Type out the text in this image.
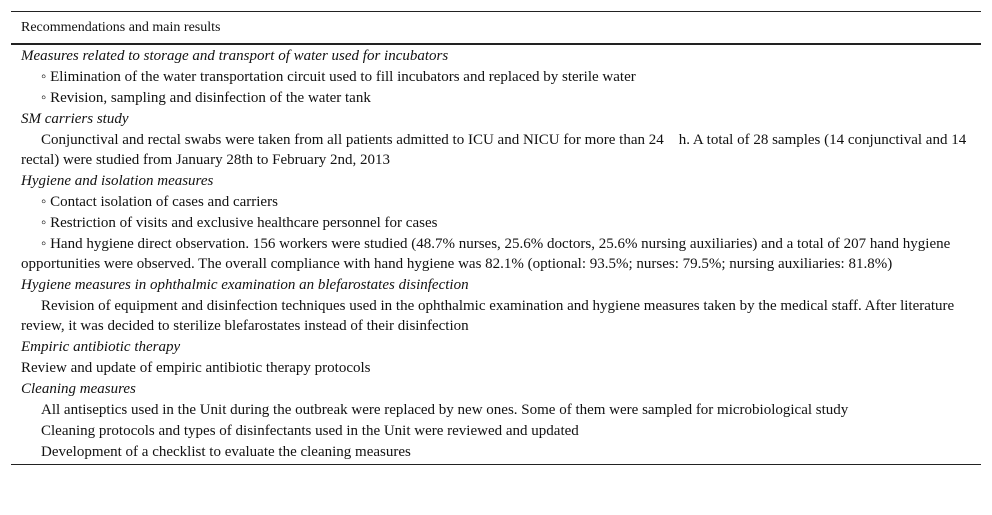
Recommendations and main results
Measures related to storage and transport of water used for incubators
◦ Elimination of the water transportation circuit used to fill incubators and replaced by sterile water
◦ Revision, sampling and disinfection of the water tank
SM carriers study
Conjunctival and rectal swabs were taken from all patients admitted to ICU and NICU for more than 24 h. A total of 28 samples (14 conjunctival and 14 rectal) were studied from January 28th to February 2nd, 2013
Hygiene and isolation measures
◦ Contact isolation of cases and carriers
◦ Restriction of visits and exclusive healthcare personnel for cases
◦ Hand hygiene direct observation. 156 workers were studied (48.7% nurses, 25.6% doctors, 25.6% nursing auxiliaries) and a total of 207 hand hygiene opportunities were observed. The overall compliance with hand hygiene was 82.1% (optional: 93.5%; nurses: 79.5%; nursing auxiliaries: 81.8%)
Hygiene measures in ophthalmic examination an blefarostates disinfection
Revision of equipment and disinfection techniques used in the ophthalmic examination and hygiene measures taken by the medical staff. After literature review, it was decided to sterilize blefarostates instead of their disinfection
Empiric antibiotic therapy
Review and update of empiric antibiotic therapy protocols
Cleaning measures
All antiseptics used in the Unit during the outbreak were replaced by new ones. Some of them were sampled for microbiological study
Cleaning protocols and types of disinfectants used in the Unit were reviewed and updated
Development of a checklist to evaluate the cleaning measures
